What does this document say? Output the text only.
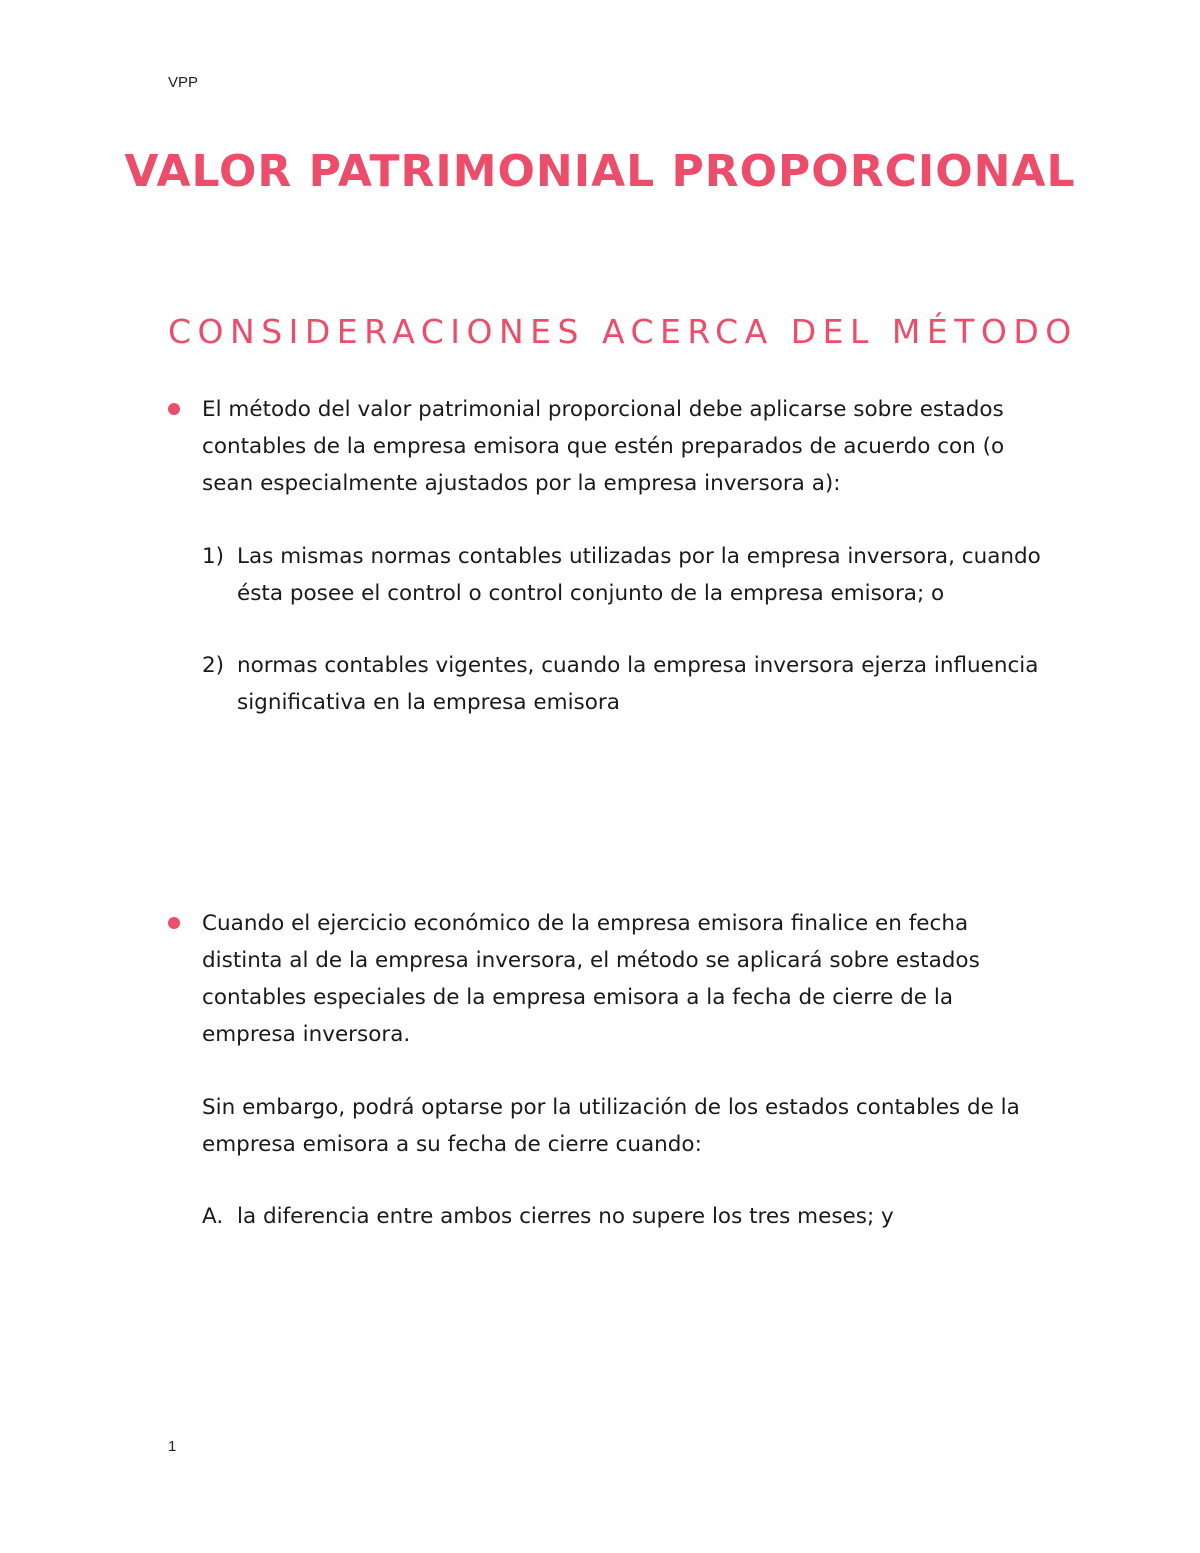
VPP
VALOR PATRIMONIAL PROPORCIONAL
CONSIDERACIONES ACERCA DEL MÉTODO
El método del valor patrimonial proporcional debe aplicarse sobre estados contables de la empresa emisora que estén preparados de acuerdo con (o sean especialmente ajustados por la empresa inversora a):
1) Las mismas normas contables utilizadas por la empresa inversora, cuando ésta posee el control o control conjunto de la empresa emisora; o
2) normas contables vigentes, cuando la empresa inversora ejerza influencia significativa en la empresa emisora
Cuando el ejercicio económico de la empresa emisora finalice en fecha distinta al de la empresa inversora, el método se aplicará sobre estados contables especiales de la empresa emisora a la fecha de cierre de la empresa inversora.
Sin embargo, podrá optarse por la utilización de los estados contables de la empresa emisora a su fecha de cierre cuando:
A. la diferencia entre ambos cierres no supere los tres meses; y
1
